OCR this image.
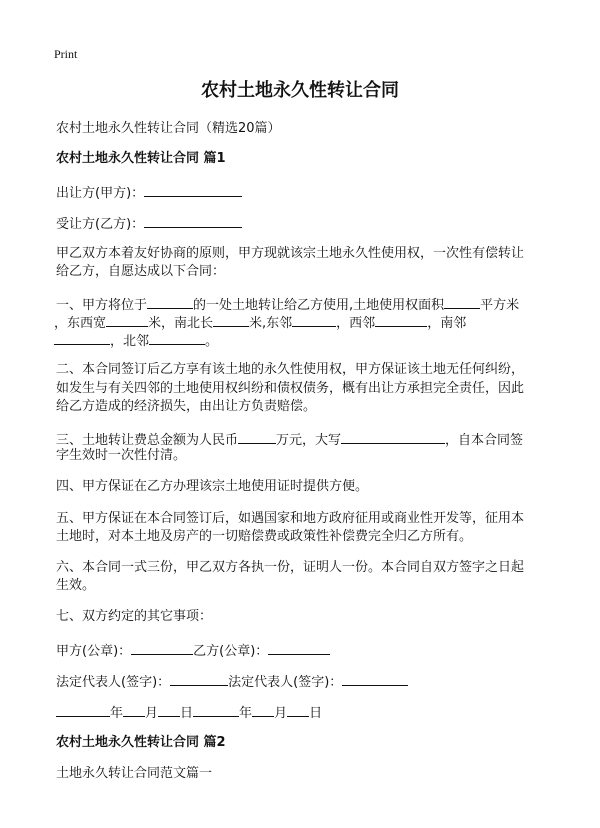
Print
农村土地永久性转让合同
农村土地永久性转让合同（精选20篇）
农村土地永久性转让合同 篇1
出让方(甲方)：
受让方(乙方)：
甲乙双方本着友好协商的原则，甲方现就该宗土地永久性使用权，一次性有偿转让
给乙方，自愿达成以下合同：
一、甲方将位于	的一处土地转让给乙方使用,土地使用权面积	平方米
，东西宽	米，南北长	米,东邻	，西邻	，南邻
，北邻	。
二、本合同签订后乙方享有该土地的永久性使用权，甲方保证该土地无任何纠纷，
如发生与有关四邻的土地使用权纠纷和债权债务，概有出让方承担完全责任，因此
给乙方造成的经济损失，由出让方负责赔偿。
三、土地转让费总金额为人民币	万元，大写	，自本合同签
字生效时一次性付清。
四、甲方保证在乙方办理该宗土地使用证时提供方便。
五、甲方保证在本合同签订后，如遇国家和地方政府征用或商业性开发等，征用本
土地时，对本土地及房产的一切赔偿费或政策性补偿费完全归乙方所有。
六、本合同一式三份，甲乙双方各执一份，证明人一份。本合同自双方签字之日起
生效。
七、双方约定的其它事项：
甲方(公章)：	乙方(公章)：
法定代表人(签字)：	法定代表人(签字)：
年 月 日	年 月 日
农村土地永久性转让合同 篇2
土地永久转让合同范文篇一
